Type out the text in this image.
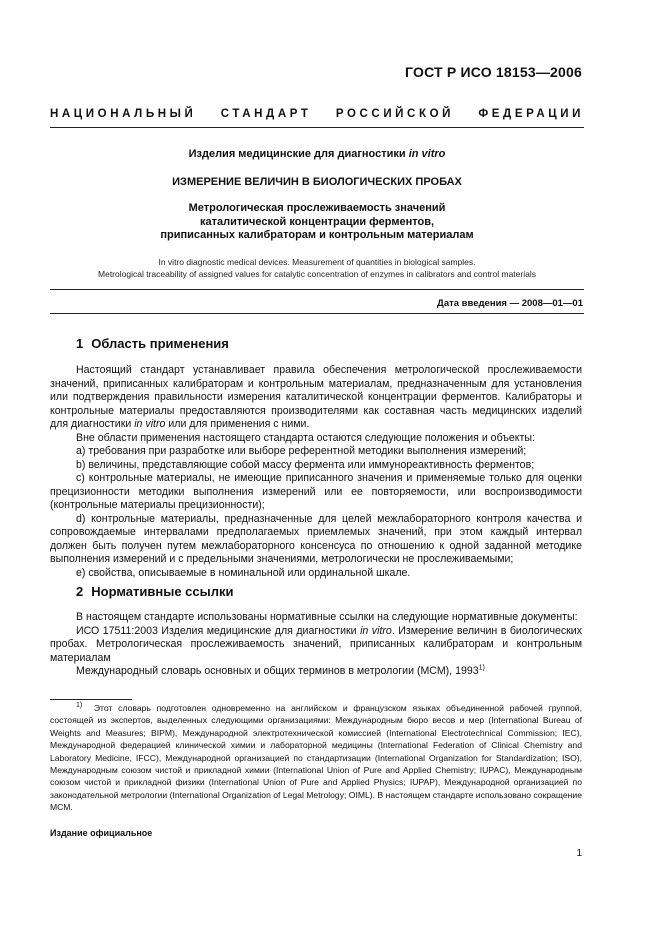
ГОСТ Р ИСО 18153—2006
НАЦИОНАЛЬНЫЙ СТАНДАРТ РОССИЙСКОЙ ФЕДЕРАЦИИ
Изделия медицинские для диагностики in vitro
ИЗМЕРЕНИЕ ВЕЛИЧИН В БИОЛОГИЧЕСКИХ ПРОБАХ
Метрологическая прослеживаемость значений
каталитической концентрации ферментов,
приписанных калибраторам и контрольным материалам
In vitro diagnostic medical devices. Measurement of quantities in biological samples.
Metrological traceability of assigned values for catalytic concentration of enzymes in calibrators and control materials
Дата введения — 2008—01—01
1 Область применения

Настоящий стандарт устанавливает правила обеспечения метрологической прослеживаемости значений, приписанных калибраторам и контрольным материалам, предназначенным для установления или подтверждения правильности измерения каталитической концентрации ферментов. Калибраторы и контрольные материалы предоставляются производителями как составная часть медицинских изделий для диагностики in vitro или для применения с ними.

Вне области применения настоящего стандарта остаются следующие положения и объекты:

a) требования при разработке или выборе референтной методики выполнения измерений;

b) величины, представляющие собой массу фермента или иммунореактивность ферментов;

c) контрольные материалы, не имеющие приписанного значения и применяемые только для оценки прецизионности методики выполнения измерений или ее повторяемости, или воспроизводимости (контрольные материалы прецизионности);

d) контрольные материалы, предназначенные для целей межлабораторного контроля качества и сопровождаемые интервалами предполагаемых приемлемых значений, при этом каждый интервал должен быть получен путем межлабораторного консенсуса по отношению к одной заданной методике выполнения измерений и с предельными значениями, метрологически не прослеживаемыми;

e) свойства, описываемые в номинальной или ординальной шкале.

2 Нормативные ссылки

В настоящем стандарте использованы нормативные ссылки на следующие нормативные документы:

ИСО 17511:2003 Изделия медицинские для диагностики in vitro. Измерение величин в биологических пробах. Метрологическая прослеживаемость значений, приписанных калибраторам и контрольным материалам

Международный словарь основных и общих терминов в метрологии (МСМ), 1993$^{1)}$

$^{1)}$ Этот словарь подготовлен одновременно на английском и французском языках объединенной рабочей группой, состоящей из экспертов, выделенных следующими организациями: Международным бюро весов и мер (International Bureau of Weights and Measures; BIPM), Международной электротехнической комиссией (International Electrotechnical Commission; IEC), Международной федерацией клинической химии и лабораторной медицины (International Federation of Clinical Chemistry and Laboratory Medicine, IFCC), Международной организацией по стандартизации (International Organization for Standardization; ISO), Международным союзом чистой и прикладной химии (International Union of Pure and Applied Chemistry; IUPAC), Международным союзом чистой и прикладной физики (International Union of Pure and Applied Physics; IUPAP), Международной организацией по законодательной метрологии (International Organization of Legal Metrology; OIML). В настоящем стандарте использовано сокращение МСМ.

Издание официальное
1
